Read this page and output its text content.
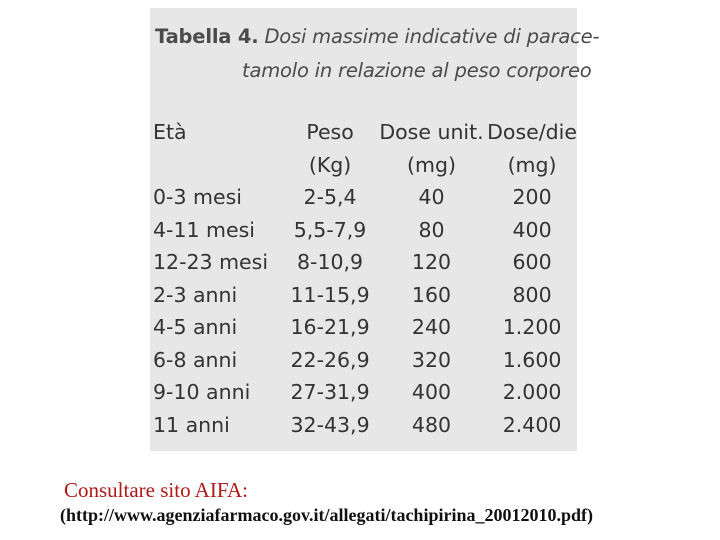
Tabella 4. Dosi massime indicative di parace-
tamolo in relazione al peso corporeo
Età	Peso	Dose unit.	Dose/die
	(Kg)	(mg)	(mg)
0-3 mesi	2-5,4	40	200
4-11 mesi	5,5-7,9	80	400
12-23 mesi	8-10,9	120	600
2-3 anni	11-15,9	160	800
4-5 anni	16-21,9	240	1.200
6-8 anni	22-26,9	320	1.600
9-10 anni	27-31,9	400	2.000
11 anni	32-43,9	480	2.400
Consultare sito AIFA:
(http://www.agenziafarmaco.gov.it/allegati/tachipirina_20012010.pdf)
